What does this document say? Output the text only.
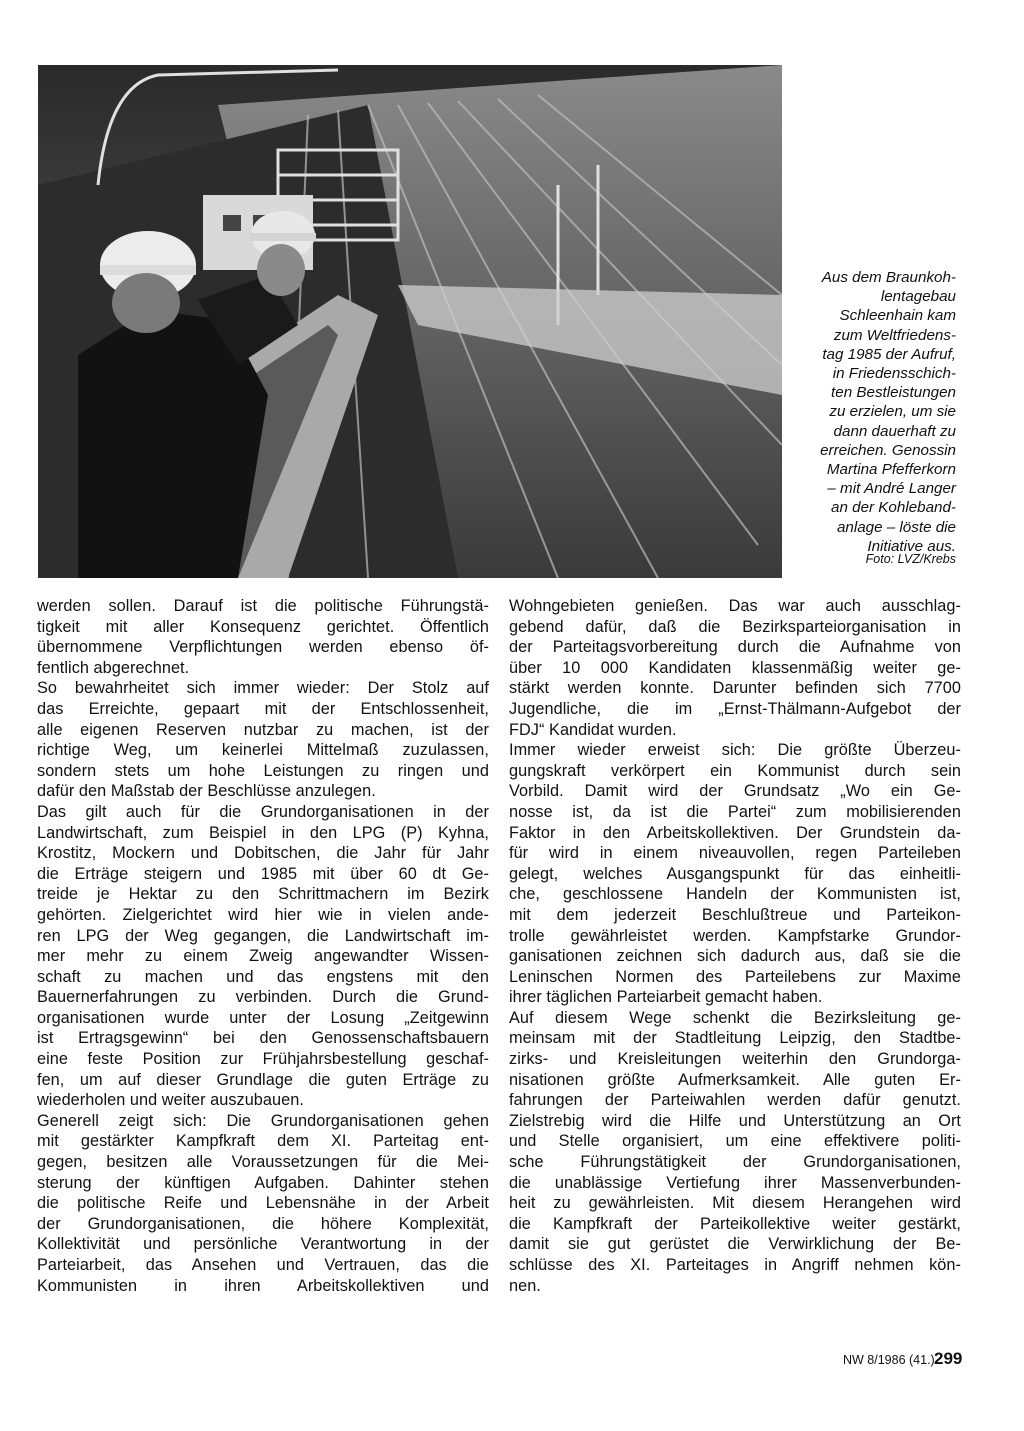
Aus dem Braunkoh-
lentagebau
Schleenhain kam
zum Weltfriedens-
tag 1985 der Aufruf,
in Friedensschich-
ten Bestleistungen
zu erzielen, um sie
dann dauerhaft zu
erreichen. Genossin
Martina Pfefferkorn
– mit André Langer
an der Kohleband-
anlage – löste die
Initiative aus.
Foto: LVZ/Krebs
werden sollen. Darauf ist die politische Führungstä-
tigkeit mit aller Konsequenz gerichtet. Öffentlich
übernommene Verpflichtungen werden ebenso öf-
fentlich abgerechnet.
So bewahrheitet sich immer wieder: Der Stolz auf
das Erreichte, gepaart mit der Entschlossenheit,
alle eigenen Reserven nutzbar zu machen, ist der
richtige Weg, um keinerlei Mittelmaß zuzulassen,
sondern stets um hohe Leistungen zu ringen und
dafür den Maßstab der Beschlüsse anzulegen.
Das gilt auch für die Grundorganisationen in der
Landwirtschaft, zum Beispiel in den LPG (P) Kyhna,
Krostitz, Mockern und Dobitschen, die Jahr für Jahr
die Erträge steigern und 1985 mit über 60 dt Ge-
treide je Hektar zu den Schrittmachern im Bezirk
gehörten. Zielgerichtet wird hier wie in vielen ande-
ren LPG der Weg gegangen, die Landwirtschaft im-
mer mehr zu einem Zweig angewandter Wissen-
schaft zu machen und das engstens mit den
Bauernerfahrungen zu verbinden. Durch die Grund-
organisationen wurde unter der Losung „Zeitgewinn
ist Ertragsgewinn“ bei den Genossenschaftsbauern
eine feste Position zur Frühjahrsbestellung geschaf-
fen, um auf dieser Grundlage die guten Erträge zu
wiederholen und weiter auszubauen.
Generell zeigt sich: Die Grundorganisationen gehen
mit gestärkter Kampfkraft dem XI. Parteitag ent-
gegen, besitzen alle Voraussetzungen für die Mei-
sterung der künftigen Aufgaben. Dahinter stehen
die politische Reife und Lebensnähe in der Arbeit
der Grundorganisationen, die höhere Komplexität,
Kollektivität und persönliche Verantwortung in der
Parteiarbeit, das Ansehen und Vertrauen, das die
Kommunisten in ihren Arbeitskollektiven und
Wohngebieten genießen. Das war auch ausschlag-
gebend dafür, daß die Bezirksparteiorganisation in
der Parteitagsvorbereitung durch die Aufnahme von
über 10 000 Kandidaten klassenmäßig weiter ge-
stärkt werden konnte. Darunter befinden sich 7700
Jugendliche, die im „Ernst-Thälmann-Aufgebot der
FDJ“ Kandidat wurden.
Immer wieder erweist sich: Die größte Überzeu-
gungskraft verkörpert ein Kommunist durch sein
Vorbild. Damit wird der Grundsatz „Wo ein Ge-
nosse ist, da ist die Partei“ zum mobilisierenden
Faktor in den Arbeitskollektiven. Der Grundstein da-
für wird in einem niveauvollen, regen Parteileben
gelegt, welches Ausgangspunkt für das einheitli-
che, geschlossene Handeln der Kommunisten ist,
mit dem jederzeit Beschlußtreue und Parteikon-
trolle gewährleistet werden. Kampfstarke Grundor-
ganisationen zeichnen sich dadurch aus, daß sie die
Leninschen Normen des Parteilebens zur Maxime
ihrer täglichen Parteiarbeit gemacht haben.
Auf diesem Wege schenkt die Bezirksleitung ge-
meinsam mit der Stadtleitung Leipzig, den Stadtbe-
zirks- und Kreisleitungen weiterhin den Grundorga-
nisationen größte Aufmerksamkeit. Alle guten Er-
fahrungen der Parteiwahlen werden dafür genutzt.
Zielstrebig wird die Hilfe und Unterstützung an Ort
und Stelle organisiert, um eine effektivere politi-
sche Führungstätigkeit der Grundorganisationen,
die unablässige Vertiefung ihrer Massenverbunden-
heit zu gewährleisten. Mit diesem Herangehen wird
die Kampfkraft der Parteikollektive weiter gestärkt,
damit sie gut gerüstet die Verwirklichung der Be-
schlüsse des XI. Parteitages in Angriff nehmen kön-
nen.
NW 8/1986 (41.) 299
